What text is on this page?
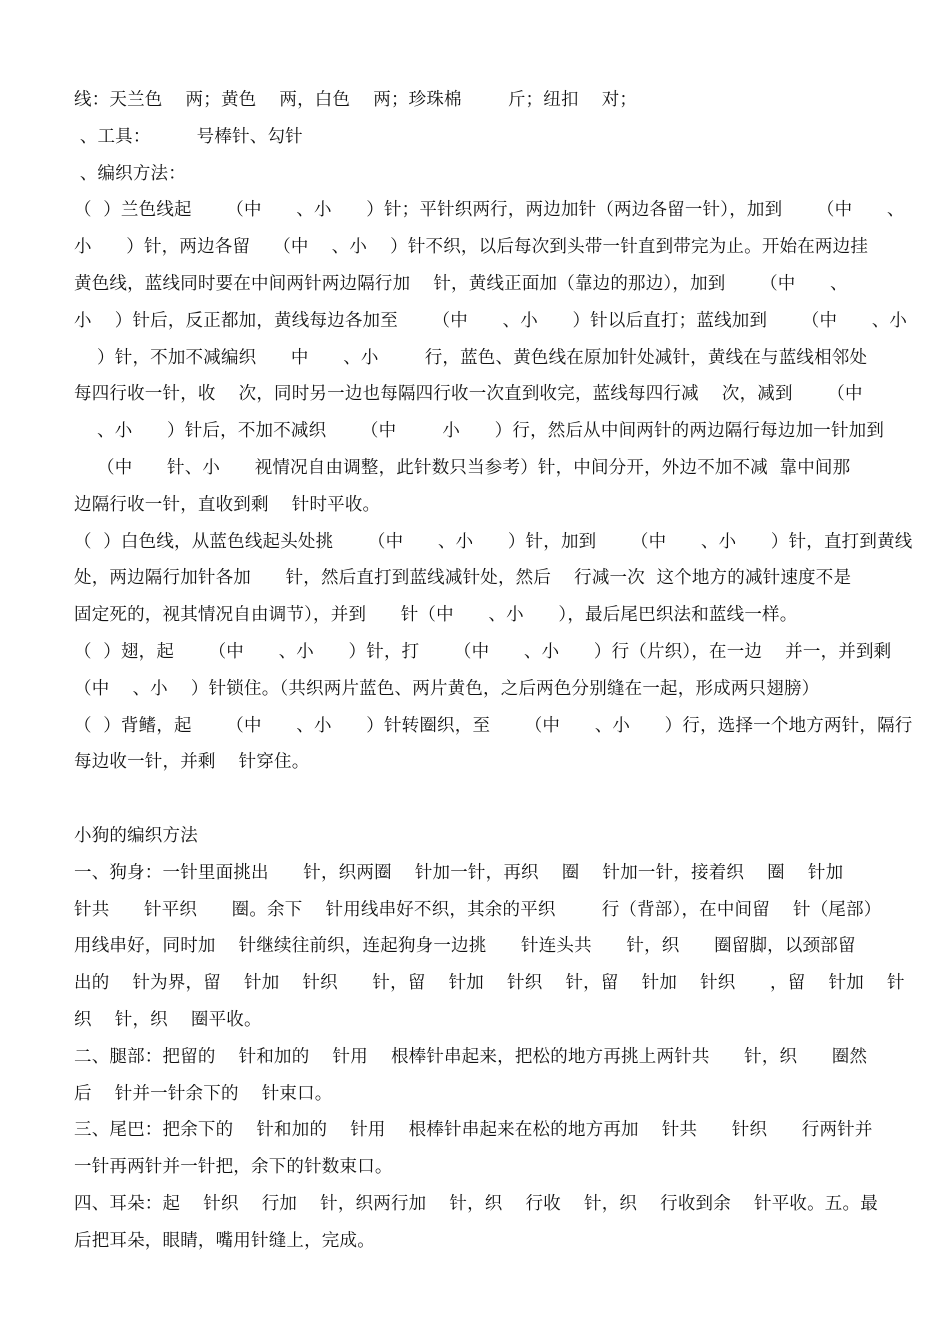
线：天兰色    两；黄色    两，白色    两；珍珠棉        斤；纽扣    对；
、工具：        号棒针、勾针
、编织方法：
（  ）兰色线起      （中      、小      ）针；平针织两行，两边加针（两边各留一针），加到      （中      、
小      ）针，两边各留    （中    、小    ）针不织，以后每次到头带一针直到带完为止。开始在两边挂
黄色线，蓝线同时要在中间两针两边隔行加    针，黄线正面加（靠边的那边），加到      （中      、
小    ）针后，反正都加，黄线每边各加至      （中      、小      ）针以后直打；蓝线加到      （中      、小
）针，不加不减编织      中      、小        行，蓝色、黄色线在原加针处减针，黄线在与蓝线相邻处
每四行收一针，收    次，同时另一边也每隔四行收一次直到收完，蓝线每四行减    次，减到      （中
、小      ）针后，不加不减织      （中        小      ）行，然后从中间两针的两边隔行每边加一针加到
（中      针、小      视情况自由调整，此针数只当参考）针，中间分开，外边不加不减  靠中间那
边隔行收一针，直收到剩    针时平收。
（  ）白色线，从蓝色线起头处挑      （中      、小      ）针，加到      （中      、小      ）针，直打到黄线
处，两边隔行加针各加      针，然后直打到蓝线减针处，然后    行减一次  这个地方的减针速度不是
固定死的，视其情况自由调节），并到      针（中      、小      ），最后尾巴织法和蓝线一样。
（  ）翅，起      （中      、小      ）针，打      （中      、小      ）行（片织），在一边    并一，并到剩
（中    、小    ）针锁住。（共织两片蓝色、两片黄色，之后两色分别缝在一起，形成两只翅膀）
（  ）背鳍，起      （中      、小      ）针转圈织，至      （中      、小      ）行，选择一个地方两针，隔行
每边收一针，并剩    针穿住。
小狗的编织方法
一、狗身：一针里面挑出      针，织两圈    针加一针，再织    圈    针加一针，接着织    圈    针加
针共      针平织      圈。余下    针用线串好不织，其余的平织        行（背部），在中间留    针（尾部）
用线串好，同时加    针继续往前织，连起狗身一边挑      针连头共      针，织      圈留脚，以颈部留
出的    针为界，留    针加    针织      针，留    针加    针织    针，留    针加    针织      ，留    针加    针
织    针，织    圈平收。
二、腿部：把留的    针和加的    针用    根棒针串起来，把松的地方再挑上两针共      针，织      圈然
后    针并一针余下的    针束口。
三、尾巴：把余下的    针和加的    针用    根棒针串起来在松的地方再加    针共      针织      行两针并
一针再两针并一针把，余下的针数束口。
四、耳朵：起    针织    行加    针，织两行加    针，织    行收    针，织    行收到余    针平收。五。最
后把耳朵，眼睛，嘴用针缝上，完成。
